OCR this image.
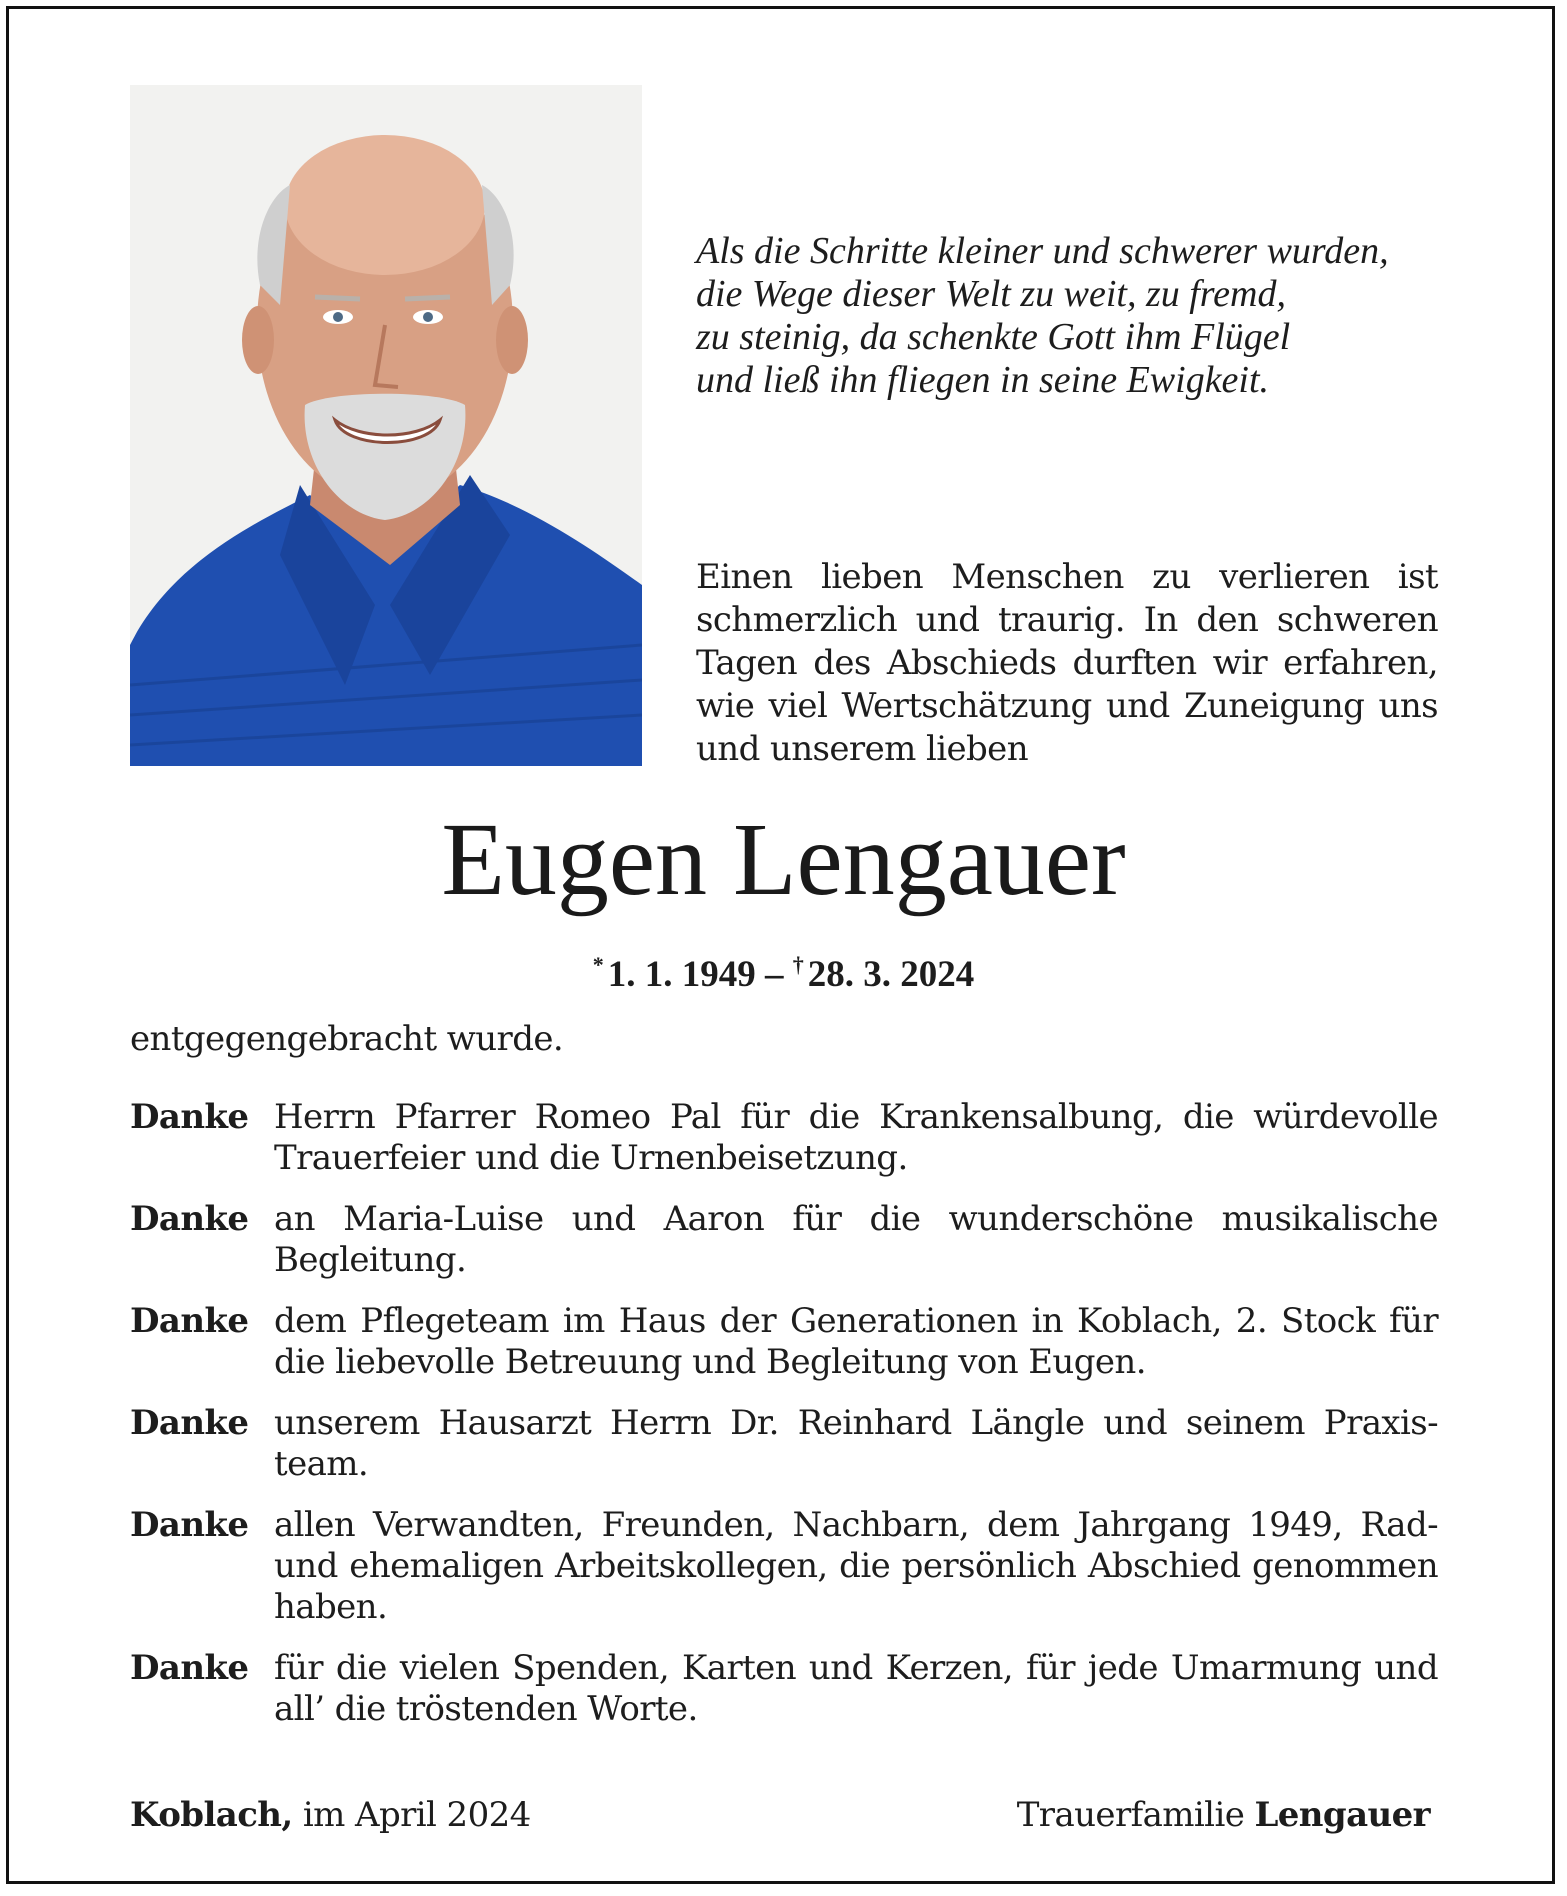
Als die Schritte kleiner und schwerer wurden,
die Wege dieser Welt zu weit, zu fremd,
zu steinig, da schenkte Gott ihm Flügel
und ließ ihn fliegen in seine Ewigkeit.
Einen lieben Menschen zu verlieren ist
schmerzlich und traurig. In den schweren
Tagen des Abschieds durften wir erfahren,
wie viel Wertschätzung und Zuneigung uns
und unserem lieben
Eugen Lengauer
* 1. 1. 1949 – † 28. 3. 2024
entgegengebracht wurde.
Danke Herrn Pfarrer Romeo Pal für die Krankensalbung, die würdevolle Trauerfeier und die Urnenbeisetzung.
Danke an Maria-Luise und Aaron für die wunderschöne musikalische Begleitung.
Danke dem Pflegeteam im Haus der Generationen in Koblach, 2. Stock für die liebevolle Betreuung und Begleitung von Eugen.
Danke unserem Hausarzt Herrn Dr. Reinhard Längle und seinem Praxis-team.
Danke allen Verwandten, Freunden, Nachbarn, dem Jahrgang 1949, Rad- und ehemaligen Arbeitskollegen, die persönlich Abschied genommen haben.
Danke für die vielen Spenden, Karten und Kerzen, für jede Umarmung und all’ die tröstenden Worte.
Koblach, im April 2024	Trauerfamilie Lengauer
